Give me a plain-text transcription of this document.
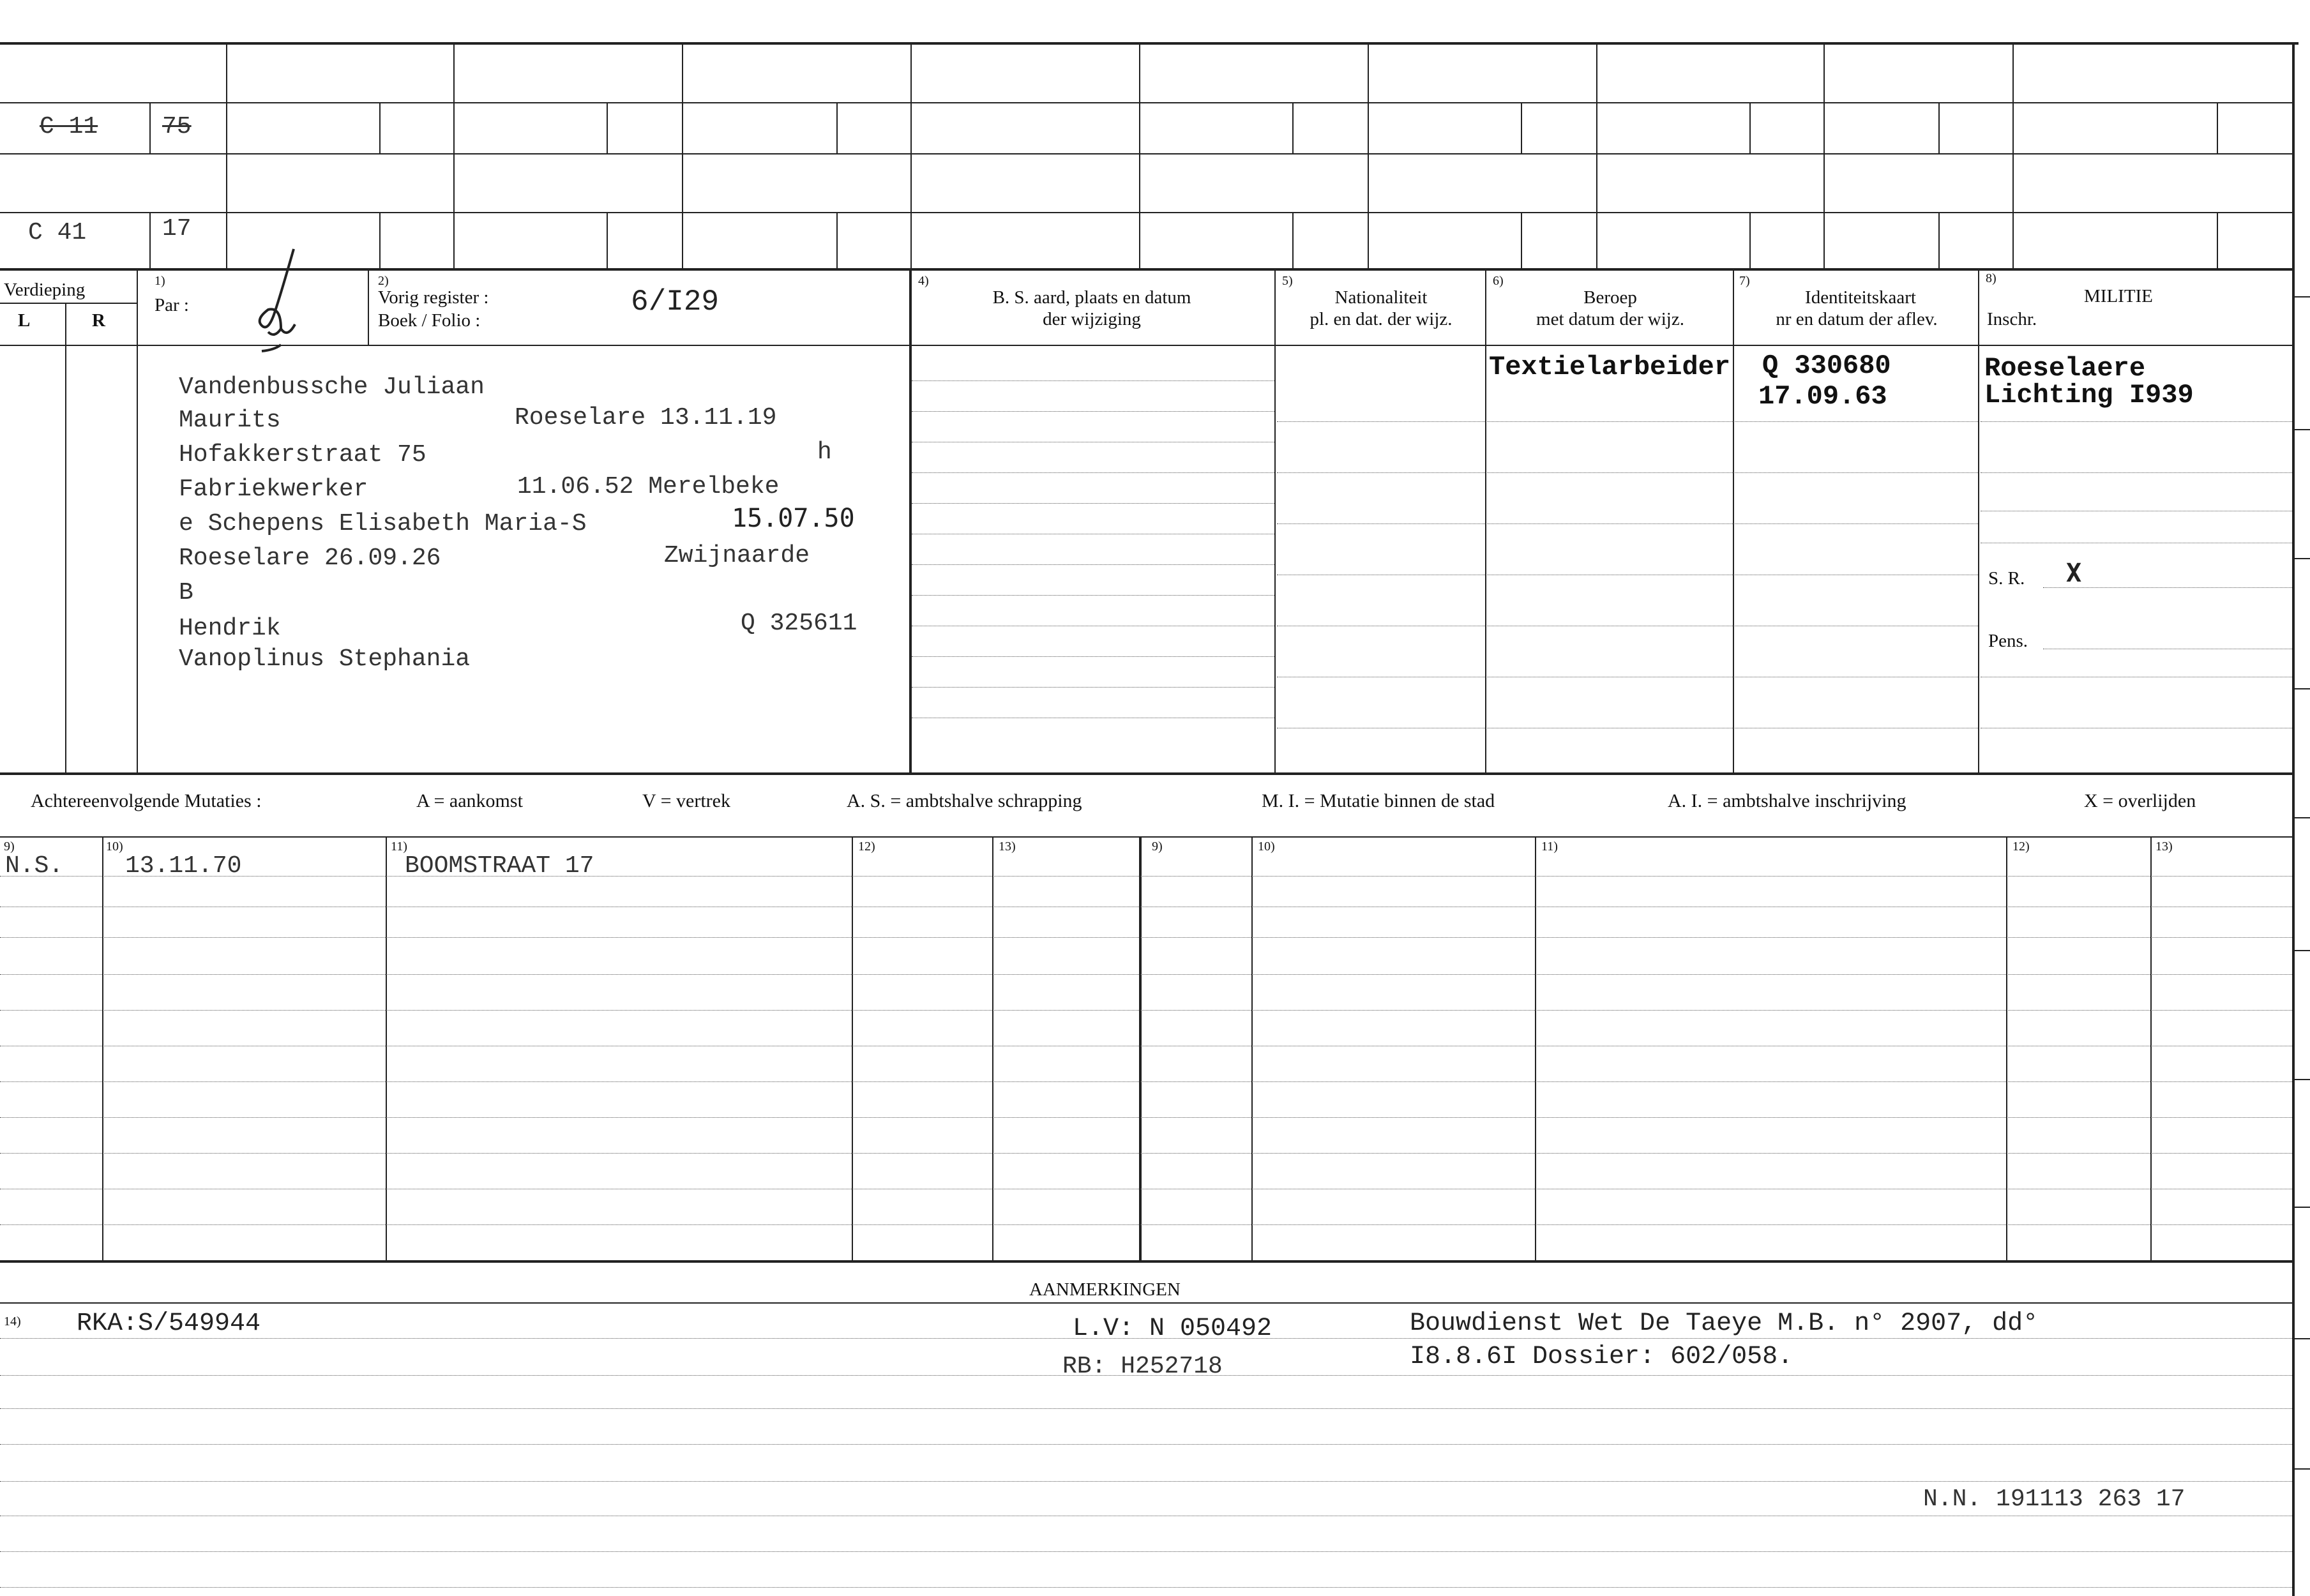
C 11	75
C 41	17
Verdieping
L	R
1)
Par :
2)
Vorig register :
Boek / Folio :
6/I29
4)
B. S. aard, plaats en datum
der wijziging
5)
Nationaliteit
pl. en dat. der wijz.
6)
Beroep
met datum der wijz.
7)
Identiteitskaart
nr en datum der aflev.
8)
MILITIE
Inschr.
Vandenbussche Juliaan
Maurits	Roeselare 13.11.19
Hofakkerstraat 75	h
Fabriekwerker	11.06.52 Merelbeke
e Schepens Elisabeth Maria-S	15.07.50
Roeselare 26.09.26	Zwijnaarde
B
Hendrik	Q 325611
Vanoplinus Stephania
Textielarbeider Q 330680
17.09.63
Roeselaere
Lichting I939
S. R. X
Pens.
Achtereenvolgende Mutaties :	A = aankomst	V = vertrek	A. S. = ambtshalve schrapping	M. I. = Mutatie binnen de stad	A. I. = ambtshalve inschrijving	X = overlijden
9)	10)	11)	12)	13)	9)	10)	11)	12)	13)
N.S.	13.11.70	BOOMSTRAAT 17
AANMERKINGEN
14) RKA:S/549944	L.V: N 050492
RB: H252718
Bouwdienst Wet De Taeye M.B. n° 2907, dd°
I8.8.6I Dossier: 602/058.
N.N. 191113 263 17
